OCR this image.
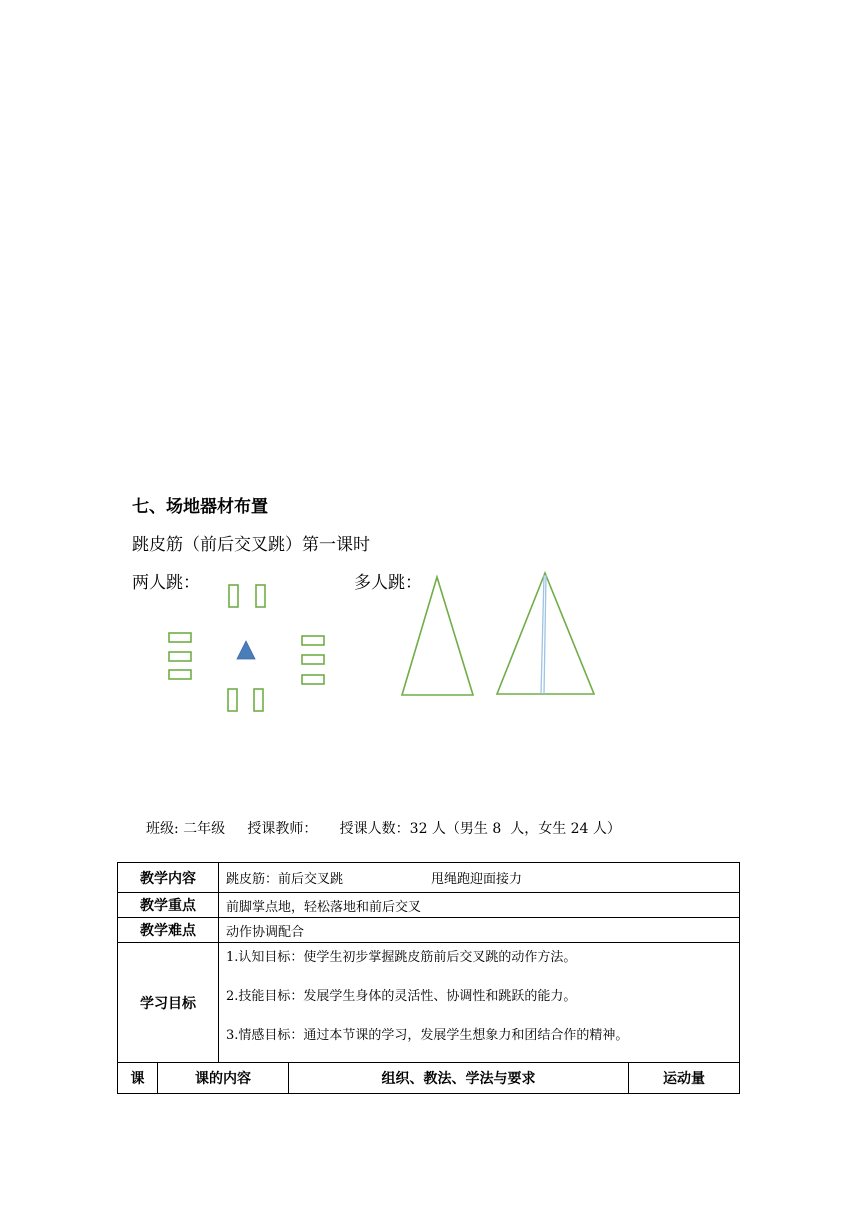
七、场地器材布置
跳皮筋（前后交叉跳）第一课时
两人跳：	多人跳：
班级: 二年级     授课教师：     授课人数：32 人（男生 8  人，女生 24 人）
教学内容		跳皮筋：前后交叉跳 甩绳跑迎面接力		
教学重点		前脚掌点地，轻松落地和前后交叉		
教学难点		动作协调配合		
学习目标		1.认知目标：使学生初步掌握跳皮筋前后交叉跳的动作方法。
2.技能目标：发展学生身体的灵活性、协调性和跳跃的能力。
3.情感目标：通过本节课的学习，发展学生想象力和团结合作的精神。		

课	课的内容		组织、教法、学法与要求	运动量
